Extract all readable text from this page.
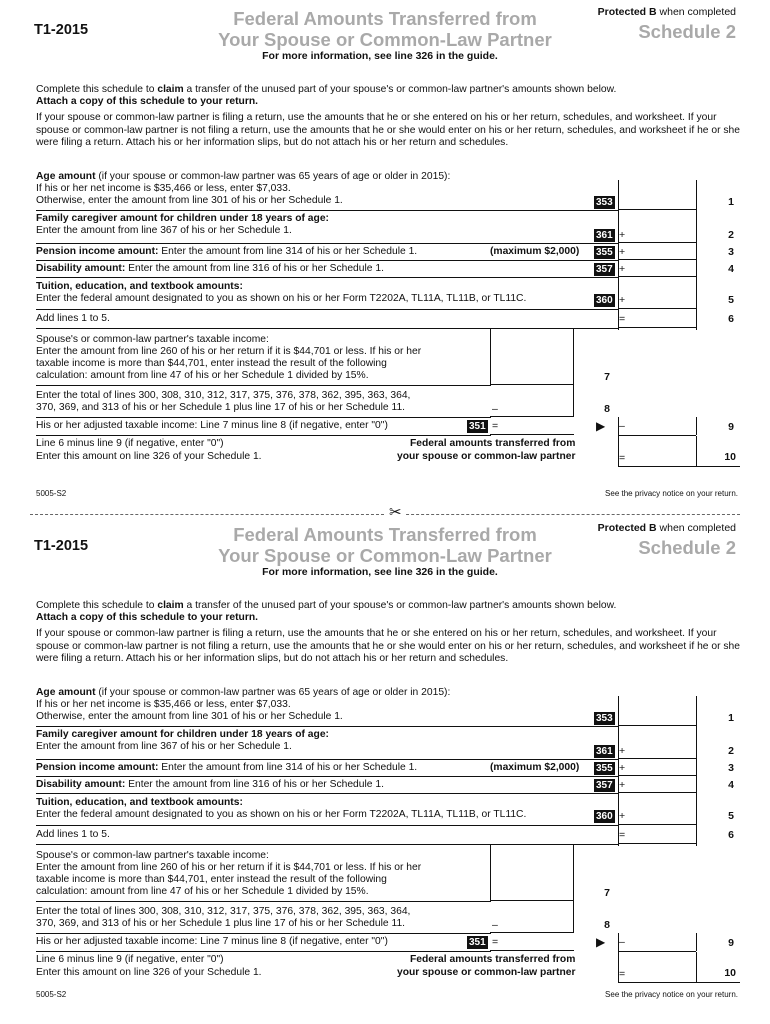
T1-2015
Federal Amounts Transferred from
Your Spouse or Common-Law Partner
Protected B when completed
Schedule 2
For more information, see line 326 in the guide.
Complete this schedule to claim a transfer of the unused part of your spouse's or common-law partner's amounts shown below.
Attach a copy of this schedule to your return.
If your spouse or common-law partner is filing a return, use the amounts that he or she entered on his or her return, schedules, and worksheet. If your spouse or common-law partner is not filing a return, use the amounts that he or she would enter on his or her return, schedules, and worksheet if he or she were filing a return. Attach his or her information slips, but do not attach his or her return and schedules.
Age amount (if your spouse or common-law partner was 65 years of age or older in 2015):
If his or her net income is $35,466 or less, enter $7,033.
Otherwise, enter the amount from line 301 of his or her Schedule 1.	353	1
Family caregiver amount for children under 18 years of age:
Enter the amount from line 367 of his or her Schedule 1.	361 +	2
Pension income amount: Enter the amount from line 314 of his or her Schedule 1.	(maximum $2,000) 355 +	3
Disability amount: Enter the amount from line 316 of his or her Schedule 1.	357 +	4
Tuition, education, and textbook amounts:
Enter the federal amount designated to you as shown on his or her Form T2202A, TL11A, TL11B, or TL11C.	360 +	5
Add lines 1 to 5.	=	6
Spouse's or common-law partner's taxable income:
Enter the amount from line 260 of his or her return if it is $44,701 or less. If his or her
taxable income is more than $44,701, enter instead the result of the following
calculation: amount from line 47 of his or her Schedule 1 divided by 15%.	7
Enter the total of lines 300, 308, 310, 312, 317, 375, 376, 378, 362, 395, 363, 364,
370, 369, and 313 of his or her Schedule 1 plus line 17 of his or her Schedule 11.	–	8
His or her adjusted taxable income: Line 7 minus line 8 (if negative, enter "0")	351 =	▶ –	9
Line 6 minus line 9 (if negative, enter "0")
Enter this amount on line 326 of your Schedule 1.
Federal amounts transferred from
your spouse or common-law partner	=	10
5005-S2	See the privacy notice on your return.
✂
T1-2015
Federal Amounts Transferred from
Your Spouse or Common-Law Partner
Protected B when completed
Schedule 2
For more information, see line 326 in the guide.
Complete this schedule to claim a transfer of the unused part of your spouse's or common-law partner's amounts shown below.
Attach a copy of this schedule to your return.
If your spouse or common-law partner is filing a return, use the amounts that he or she entered on his or her return, schedules, and worksheet. If your spouse or common-law partner is not filing a return, use the amounts that he or she would enter on his or her return, schedules, and worksheet if he or she were filing a return. Attach his or her information slips, but do not attach his or her return and schedules.
Age amount (if your spouse or common-law partner was 65 years of age or older in 2015):
If his or her net income is $35,466 or less, enter $7,033.
Otherwise, enter the amount from line 301 of his or her Schedule 1.	353	1
Family caregiver amount for children under 18 years of age:
Enter the amount from line 367 of his or her Schedule 1.	361 +	2
Pension income amount: Enter the amount from line 314 of his or her Schedule 1.	(maximum $2,000) 355 +	3
Disability amount: Enter the amount from line 316 of his or her Schedule 1.	357 +	4
Tuition, education, and textbook amounts:
Enter the federal amount designated to you as shown on his or her Form T2202A, TL11A, TL11B, or TL11C.	360 +	5
Add lines 1 to 5.	=	6
Spouse's or common-law partner's taxable income:
Enter the amount from line 260 of his or her return if it is $44,701 or less. If his or her
taxable income is more than $44,701, enter instead the result of the following
calculation: amount from line 47 of his or her Schedule 1 divided by 15%.	7
Enter the total of lines 300, 308, 310, 312, 317, 375, 376, 378, 362, 395, 363, 364,
370, 369, and 313 of his or her Schedule 1 plus line 17 of his or her Schedule 11.	–	8
His or her adjusted taxable income: Line 7 minus line 8 (if negative, enter "0")	351 =	▶ –	9
Line 6 minus line 9 (if negative, enter "0")
Enter this amount on line 326 of your Schedule 1.
Federal amounts transferred from
your spouse or common-law partner	=	10
5005-S2	See the privacy notice on your return.
